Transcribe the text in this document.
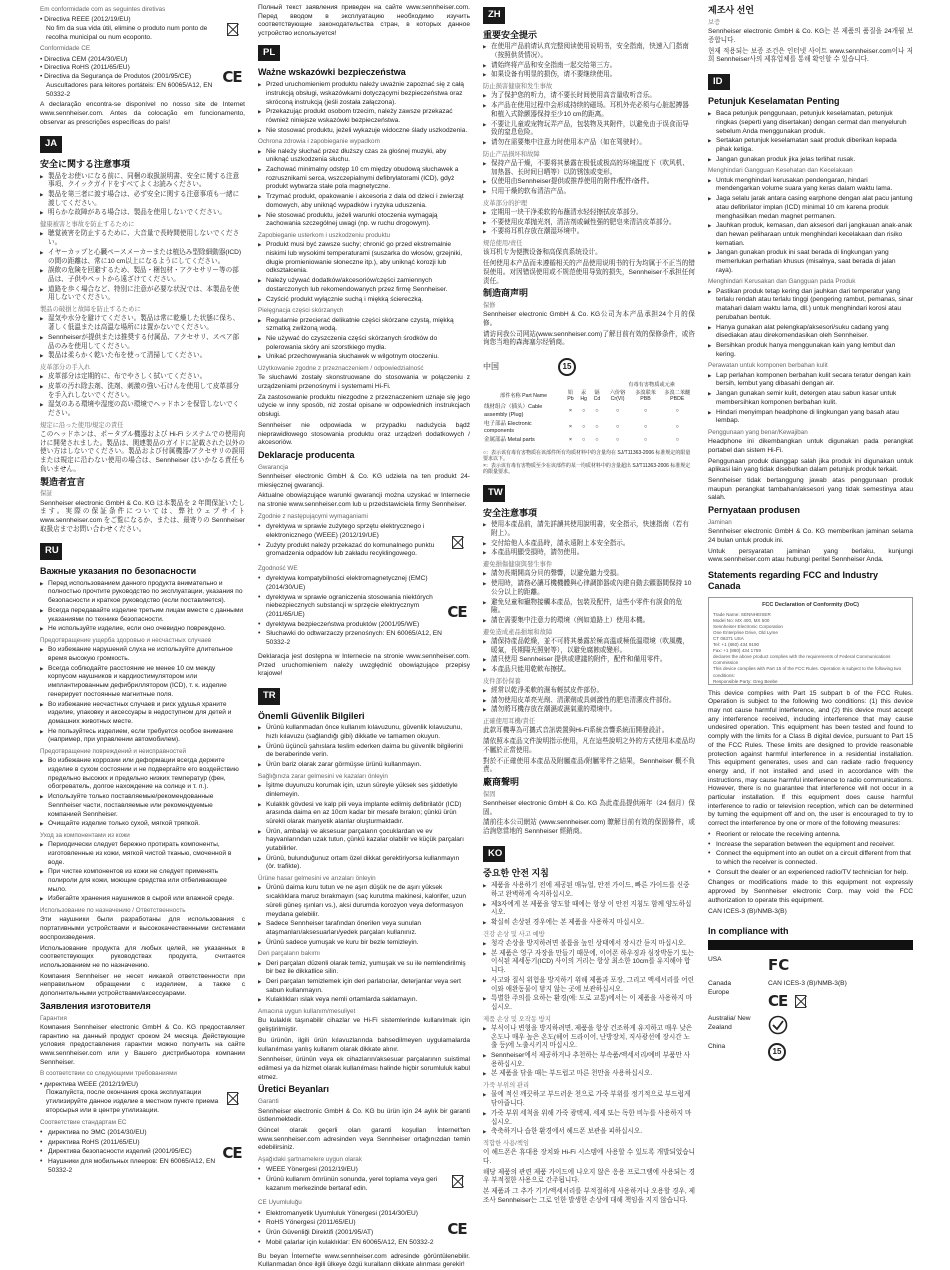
Em conformidade com as seguintes diretivas
• Directiva REEE (2012/19/EU)
No fim da sua vida útil, elimine o produto num ponto de recolha municipal ou num ecoponto.
Conformidade CE
• Directiva CEM (2014/30/EU)
• Directiva RoHS (2011/65/EU)
• Directiva da Segurança de Produtos (2001/95/CE)
Auscultadores para leitores portáteis: EN 60065/A12, EN 50332-2
CE
A declaração encontra-se disponível no nosso site de Internet www.sennheiser.com. Antes da colocação em funcionamento, observar as prescrições específicas do país!
JA
安全に関する注意事項
▶ 製品をお使いになる前に、同梱の取扱説明書、安全に関する注意事項、クイックガイドをすべてよくお読みください。
▶ 製品を第三者に渡す場合は、必ず安全に関する注意事項も一緒に渡してください。
▶ 明らかな故障がある場合は、製品を使用しないでください。
健康被害と事故を防止するために
▶ 聴覚被害を防止するために、大音量で長時間使用しないでください。
▶ イヤーカップと心臓ペースメーカーまたは植込み型除細動器(ICD)の間の距離は、常に10 cm以上になるようにしてください。
▶ 誤飲の危険を回避するため、製品・梱包材・アクセサリー等の部品は、子供やペットから遠ざけてください。
▶ 道路を歩く場合など、特別に注意が必要な状況では、本製品を使用しないでください。
製品の破損と故障を防止するために
▶ 湿気や水分を避けてください。製品は常に乾燥した状態に保ち、著しく低温または高温な場所には置かないでください。
▶ Sennheiserが提供または推奨する付属品、アクセサリ、スペア部品のみを使用してください。
▶ 製品は柔らかく乾いた布を使って清掃してください。
皮革部分の手入れ
▶ 皮革部分は定期的に、布でやさしく拭いてください。
▶ 皮革の汚れ除去剤、洗剤、刺激の強い石けんを使用して皮革部分を手入れしないでください。
▶ 湿気のある環境や湿度の高い環境でヘッドホンを保管しないでください。
規定に沿った使用/規定の責任
このヘッドホンは、ポータブル機器および Hi-Fi システムでの使用向けに開発されました。製品は、関連製品のガイドに記載された以外の使い方はしないでください。製品および付属機器/アクセサリの誤用または規定に沿わない使用の場合は、Sennheiser はいかなる責任も負いません。
製造者宣言
保証
Sennheiser electronic GmbH & Co. KG は本製品を 2 年間保証いたします。実際の保証条件については、弊社ウェブサイト www.sennheiser.com をご覧になるか、または、最寄りの Sennheiser 取扱店までお問い合わせください。
RU
Важные указания по безопасности
▶ Перед использованием данного продукта внимательно и полностью прочтите руководство по эксплуатации, указания по безопасности и краткое руководство (если поставляется).
▶ Всегда передавайте изделие третьим лицам вместе с данными указаниями по технике безопасности.
▶ Не используйте изделие, если оно очевидно повреждено.
Предотвращение ущерба здоровью и несчастных случаев
▶ Во избежание нарушений слуха не используйте длительное время высокую громкость.
▶ Всегда соблюдайте расстояние не менее 10 см между корпусом наушников и кардиостимулятором или имплантированным дефибриллятором (ICD), т. к. изделие генерирует постоянные магнитные поля.
▶ Во избежание несчастных случаев и риск удушья храните изделие, упаковку и аксессуары в недоступном для детей и домашних животных месте.
▶ Не пользуйтесь изделием, если требуется особое внимание (например, при управлении автомобилем).
Предотвращение повреждений и неисправностей
▶ Во избежание коррозии или деформации всегда держите изделие в сухом состоянии и не подвергайте его воздействию предельно высоких и предельно низких температур (фен, обогреватель, долгое нахождение на солнце и т. п.).
▶ Используйте только поставляемые/рекомендованные Sennheiser части, поставляемые или рекомендуемые компанией Sennheiser.
▶ Очищайте изделие только сухой, мягкой тряпкой.
Уход за компонентами из кожи
▶ Периодически следует бережно протирать компоненты, изготовленные из кожи, мягкой чистой тканью, смоченной в воде.
▶ При чистке компонентов из кожи не следует применять полироли для кожи, моющие средства или отбеливающее мыло.
▶ Избегайте хранения наушников в сырой или влажной среде.
Использование по назначению / Ответственность
Эти наушники были разработаны для использования с портативными устройствами и высококачественными системами воспроизведения.
Использование продукта для любых целей, не указанных в соответствующих руководствах продукта, считается использованием не по назначению.
Компания Sennheiser не несет никакой ответственности при неправильном обращении с изделием, а также с дополнительными устройствами/аксессуарами.
Заявления изготовителя
Гарантия
Компания Sennheiser electronic GmbH & Co. KG предоставляет гарантию на данный продукт сроком 24 месяца. Действующие условия предоставления гарантии можно получить на сайте www.sennheiser.com или у Вашего дистрибьютора компании Sennheiser.
В соответствии со следующими требованиями
• директива WEEE (2012/19/EU)
Пожалуйста, после окончания срока эксплуатации утилизируйте данное изделие в местном пункте приема вторсырья или в центре утилизации.
Соответствие стандартам ЕС
• директива по ЭМС (2014/30/EU)
• директива RoHS (2011/65/EU)
• Директива безопасности изделий (2001/95/ЕС)
• Наушники для мобильных плееров: EN 60065/A12, EN 50332-2
CE
Полный текст заявления приведен на сайте www.sennheiser.com. Перед вводом в эксплуатацию необходимо изучить соответствующие законодательства стран, в которых данное устройство используется!
PL
Ważne wskazówki bezpieczeństwa
▶ Przed uruchomieniem produktu należy uważnie zapoznać się z całą instrukcją obsługi, wskazówkami dotyczącymi bezpieczeństwa oraz skróconą instrukcją (jeśli została załączona).
▶ Przekazując produkt osobom trzecim, należy zawsze przekazać również niniejsze wskazówki bezpieczeństwa.
▶ Nie stosować produktu, jeżeli wykazuje widoczne ślady uszkodzenia.
Ochrona zdrowia i zapobieganie wypadkom
▶ Nie należy słuchać przez dłuższy czas za głośnej muzyki, aby uniknąć uszkodzenia słuchu.
▶ Zachować minimalny odstęp 10 cm między obudową słuchawek a rozrusznikami serca, wszczepialnymi defibrylatorami (ICD), gdyż produkt wytwarza stałe pola magnetyczne.
▶ Trzymać produkt, opakowanie i akcesoria z dala od dzieci i zwierząt domowych, aby uniknąć wypadków i ryzyka uduszenia.
▶ Nie stosować produktu, jeżeli warunki otoczenia wymagają zachowania szczególnej uwagi (np. w ruchu drogowym).
Zapobieganie usterkom i uszkodzeniu produktu
▶ Produkt musi być zawsze suchy; chronić go przed ekstremalnie niskimi lub wysokimi temperaturami (suszarka do włosów, grzejniki, długie promieniowanie słoneczne itp.), aby uniknąć korozji lub odkształcenia.
▶ Należy używać dodatków/akcesoriów/części zamiennych dostarczonych lub rekomendowanych przez firmę Sennheiser.
▶ Czyścić produkt wyłącznie suchą i miękką ściereczką.
Pielęgnacja części skórzanych
▶ Regularnie przecierać delikatnie części skórzane czystą, miękką szmatką zwilżoną wodą.
▶ Nie używać do czyszczenia części skórzanych środków do polerowania skóry ani szorstkiego mydła.
▶ Unikać przechowywania słuchawek w wilgotnym otoczeniu.
Użytkowanie zgodne z przeznaczeniem / odpowiedzialność
Te słuchawki zostały skonstruowane do stosowania w połączeniu z urządzeniami przenośnymi i systemami Hi-Fi.
Za zastosowanie produktu niezgodne z przeznaczeniem uznaje się jego użycie w inny sposób, niż został opisane w odpowiednich instrukcjach obsługi.
Sennheiser nie odpowiada w przypadku nadużycia bądź nieprawidłowego stosowania produktu oraz urządzeń dodatkowych / akcesoriów.
Deklaracje producenta
Gwarancja
Sennheiser electronic GmbH & Co. KG udziela na ten produkt 24-miesięcznej gwarancji.
Aktualne obowiązujące warunki gwarancji można uzyskać w Internecie na stronie www.sennheiser.com lub u przedstawiciela firmy Sennheiser.
Zgodnie z następującymi wymaganiami
• dyrektywa w sprawie zużytego sprzętu elektrycznego i elektronicznego (WEEE) (2012/19/UE)
• Zużyty produkt należy przekazać do komunalnego punktu gromadzenia odpadów lub zakładu recyklingowego.
Zgodność WE
• dyrektywa kompatybilności elektromagnetycznej (EMC) (2014/30/UE)
• dyrektywa w sprawie ograniczenia stosowania niektórych niebezpiecznych substancji w sprzęcie elektrycznym (2011/65/UE)
• dyrektywa bezpieczeństwa produktów (2001/95/WE)
• Słuchawki do odtwarzaczy przenośnych: EN 60065/A12, EN 50332-2
CE
Deklaracja jest dostępna w Internecie na stronie www.sennheiser.com. Przed uruchomieniem należy uwzględnić obowiązujące przepisy krajowe!
TR
Önemli Güvenlik Bilgileri
▶ Ürünü kullanmadan önce kullanım kılavuzunu, güvenlik kılavuzunu, hızlı kılavuzu (sağlandığı gibi) dikkatle ve tamamen okuyun.
▶ Ürünü üçüncü şahıslara teslim ederken daima bu güvenlik bilgilerini de beraberinde verin.
▶ Ürün bariz olarak zarar görmüşse ürünü kullanmayın.
Sağlığınıza zarar gelmesini ve kazaları önleyin
▶ İşitme duyunuzu korumak için, uzun süreyle yüksek ses şiddetiyle dinlemeyin.
▶ Kulaklık gövdesi ve kalp pili veya implante edilmiş defibrilatör (ICD) arasında daima en az 10cm kadar bir mesafe bırakın; çünkü ürün sürekli olarak manyetik alanlar oluşturmaktadır.
▶ Ürün, ambalajı ve aksesuar parçaların çocuklardan ve ev hayvanlarından uzak tutun, çünkü kazalar olabilir ve küçük parçaları yutabilirler.
▶ Ürünü, bulunduğunuz ortam özel dikkat gerektiriyorsa kullanmayın (ör. trafikte).
Ürüne hasar gelmesini ve arızaları önleyin
▶ Ürünü daima kuru tutun ve ne aşırı düşük ne de aşırı yüksek sıcaklıklara maruz bırakmayın (saç kurutma makinesi, kalorifer, uzun süreli güneş ışınları vs.), aksi durumda korozyon veya deformasyon meydana gelebilir.
▶ Sadece Sennheiser tarafından önerilen veya sunulan ataşmanları/aksesuarları/yedek parçaları kullanınız.
▶ Ürünü sadece yumuşak ve kuru bir bezle temizleyin.
Deri parçaların bakımı
▶ Deri parçaları düzenli olarak temiz, yumuşak ve su ile nemlendirilmiş bir bez ile dikkatlice silin.
▶ Deri parçaları temizlemek için deri parlatıcılar, deterjanlar veya sert sabun kullanmayın.
▶ Kulaklıkları ıslak veya nemli ortamlarda saklamayın.
Amacına uygun kullanım/mesuliyet
Bu kulaklık taşınabilir cihazlar ve Hi-Fi sistemlerinde kullanılmak için geliştirilmiştir.
Bu ürünün, ilgili ürün kılavuzlarında bahsedilmeyen uygulamalarda kullanılması yanlış kullanım olarak dikkate alınır.
Sennheiser, ürünün veya ek cihazların/aksesuar parçalarının suistimal edilmesi ya da hizmet olarak kullanılması halinde hiçbir sorumluluk kabul etmez.
Üretici Beyanları
Garanti
Sennheiser electronic GmbH & Co. KG bu ürün için 24 aylık bir garanti üstlenmektedir.
Güncel olarak geçerli olan garanti koşulları İnternet'ten www.sennheiser.com adresinden veya Sennheiser ortağınızdan temin edebilirsiniz.
Aşağıdaki şartnamelere uygun olarak
• WEEE Yönergesi (2012/19/EU)
• Ürünü kullanım ömrünün sonunda, yerel toplama veya geri kazanım merkezinde bertaraf edin.
CE Uyumluluğu
• Elektromanyetik Uyumluluk Yönergesi (2014/30/EU)
• RoHS Yönergesi (2011/65/EU)
• Ürün Güvenliği Direktifi (2001/95/AT)
• Mobil çalarlar için kulaklıklar: EN 60065/A12, EN 50332-2
CE
Bu beyan İnternet'te www.sennheiser.com adresinde görüntülenebilir. Kullanmadan önce ilgili ülkeye özgü kuralların dikkate alınması gerekir!
ZH
重要安全提示
▶ 在使用产品前请认真完整阅读使用说明书，安全指南，快速入门指南（按照供货情况）。
▶ 请始终将产品和安全指南一起交给第三方。
▶ 如果设备有明显的损伤，请不要继续使用。
防止损害健康和发生事故
▶ 为了保护您的听力，请不要长时间使用高音量收听音乐。
▶ 本产品在使用过程中会形成持续的磁场。耳机外壳必须与心脏起搏器和植入式除颤器保持至少10 cm的距离。
▶ 不要让儿童或宠物玩弄产品，包装物及其附件，以避免由于误食而导致的窒息危险。
▶ 请勿在需要集中注意力时使用本产品（如在驾驶时）。
防止产品损坏和故障
▶ 保持产品干燥，不要将其暴露在极低或极高的环境温度下（吹风机、加热器、长时间日晒等）以防锈蚀或变形。
▶ 仅使用由Sennheiser提供或推荐使用的附件/配件/备件。
▶ 只用干燥的软布清洁产品。
皮革部分的护理
▶ 定期用一块干净柔软的布蘸清水轻轻擦拭皮革部分。
▶ 不要使用皮革抛光剂，清洁剂或碱性强的肥皂来清洁皮革部分。
▶ 不要将耳机存放在潮湿环境中。
规范使用/责任
该耳机专为便携设备和高保真系统设计。
任何使用本产品而未遵循相关的产品使用说明书的行为均属于不正当的错误使用。对因错误使用或不规范使用导致的损失，Sennheiser不承担任何责任。
制造商声明
保修
Sennheiser electronic GmbH & Co. KG公司为本产品承担24个月的保修。
请访问我公司网站(www.sennheiser.com)了解目前有效的保修条件，或咨询您当地的森海塞尔经销商。
中国	15
有毒有害物质或元素						
部件名称 Part Name	铅 Pb	汞 Hg	镉 Cd	六价铬 Cr(VI)	多溴联苯 PBB	多溴二苯醚 PBDE
线材组合（插头）Cable assembly (Plug)	×	○	○	○	○	○
电子部品 Electronic components	×	○	○	○	○	○
金属部品 Metal parts	×	○	○	○	○	○
○：表示该有毒有害物质在该部件所有均质材料中的含量均在 SJ/T11363-2006 标准规定的限量要求以下。
×：表示该有毒有害物质至少在该部件的某一均质材料中的含量超出 SJ/T11363-2006 标准规定的限量要求。
TW
安全注意事項
▶ 使用本產品前，請先詳讀其使用說明書，安全指示，快速指南（若有附上）。
▶ 交付給他人本產品時，請永遠附上本安全指示。
▶ 本產品明顯受損時，請勿使用。
避免損傷健康與發生事件
▶ 請勿長期開高分貝的聲響，以避免聽力受損。
▶ 使用時，請務必讓耳機機體與心律調節器或內建自動去顫器間保持 10 公分以上的距離。
▶ 避免兒童和寵物接觸本產品，包裝及配件，這些小零件有誤食的危險。
▶ 請在需要集中注意力的環境（例如道路上）使用本機。
避免造成產品損壞和故障
▶ 請保持產品乾燥，並不可將其暴露於極高溫或極低溫環境（吹風機，暖氣，長期陽光照射等），以避免腐蝕或變形。
▶ 請只使用 Sennheiser 提供或建議的附件，配件和備用零件。
▶ 本產品只能用乾軟布擦拭。
皮件部份保養
▶ 經常以乾淨柔軟的濕布輕拭皮件部份。
▶ 請勿使用皮革亮光劑、清潔劑或具刺激性的肥皂清潔皮件部份。
▶ 請勿將耳機存放在潮濕或濕氣重的環境中。
正確使用耳機/責任
此款耳機專為可攜式音訊裝置與Hi-Fi系統音響系統而開發設計。
請依照本產品文件說明指示使用，凡在這些說明之外的方式使用本產品均不屬於正當使用。
對於不正確使用本產品及附屬產品/附屬零件之結果，Sennheiser 概不負責。
廠商聲明
保固
Sennheiser electronic GmbH & Co. KG 為此產品提供兩年（24 個月）保固。
請前往本公司網站 (www.sennheiser.com) 瞭解目前有效的保固條件，或洽詢您當地的 Sennheiser 經銷商。
KO
중요한 안전 지침
▶ 제품을 사용하기 전에 제공된 매뉴얼, 안전 가이드, 빠른 가이드를 신중하고 완벽하게 숙지하십시오.
▶ 제3자에게 본 제품을 양도할 때에는 항상 이 안전 지침도 함께 양도하십시오.
▶ 확실히 손상된 경우에는 본 제품을 사용하지 마십시오.
건강 손상 및 사고 예방
▶ 청각 손상을 방지하려면 볼륨을 높인 상태에서 장시간 듣지 마십시오.
▶ 본 제품은 영구 자장을 만들기 때문에, 이어폰 하우징과 심장박동기 또는 이식된 제세동기(ICD) 사이의 거리는 항상 최소한 10cm를 유지해야 합니다.
▶ 사고와 질식 위험을 방지하기 위해 제품과 포장, 그리고 액세서리를 어린이와 애완동물이 닿지 않는 곳에 보관하십시오.
▶ 특별한 주의를 요하는 환경(예: 도로 교통)에서는 이 제품을 사용하지 마십시오.
제품 손상 및 오작동 방지
▶ 부식이나 변형을 방지하려면, 제품을 항상 건조하게 유지하고 매우 낮은 온도나 매우 높은 온도(헤어 드라이어, 난방장치, 직사광선에 장시간 노출 등)에 노출시키지 마십시오.
▶ Sennheiser에서 제공하거나 추천하는 부속품/액세서리/예비 부품만 사용하십시오.
▶ 본 제품을 닦을 때는 부드럽고 마른 천만을 사용하십시오.
가죽 부위의 관리
▶ 물에 적신 깨끗하고 부드러운 천으로 가죽 부위를 정기적으로 부드럽게 닦아줍니다.
▶ 가죽 부위 세척을 위해 가죽 광택제, 세제 또는 독한 비누를 사용하지 마십시오.
▶ 축축하거나 습한 환경에서 헤드폰 보관을 피하십시오.
적합한 사용/책임
이 헤드폰은 휴대용 장치와 Hi-Fi 시스템에 사용할 수 있도록 개발되었습니다.
해당 제품의 관련 제품 가이드에 나오지 않은 응용 프로그램에 사용되는 경우 부적절한 사용으로 간주됩니다.
본 제품과 그 추가 기기/액세서리를 부적절하게 사용하거나 오용할 경우, 제조사 Sennheiser는 그로 인한 발생한 손상에 대해 책임을 지지 않습니다.
제조사 선언
보증
Sennheiser electronic GmbH & Co. KG는 본 제품의 품질을 24개월 보증합니다.
현재 적용되는 보증 조건은 인터넷 사이트 www.sennheiser.com이나 저희 Sennheiser사의 제휴업체를 통해 확인할 수 있습니다.
ID
Petunjuk Keselamatan Penting
▶ Baca petunjuk penggunaan, petunjuk keselamatan, petunjuk ringkas (seperti yang disertakan) dengan cermat dan menyeluruh sebelum Anda menggunakan produk.
▶ Sertakan petunjuk keselamatan saat produk diberikan kepada pihak ketiga.
▶ Jangan gunakan produk jika jelas terlihat rusak.
Menghindari Gangguan Kesehatan dan Kecelakaan
▶ Untuk menghindari kerusakan pendengaran, hindari mendengarkan volume suara yang keras dalam waktu lama.
▶ Jaga selalu jarak antara casing earphone dengan alat pacu jantung atau defibrilator implan (ICD) minimal 10 cm karena produk menghasilkan medan magnet permanen.
▶ Jauhkan produk, kemasan, dan aksesori dari jangkauan anak-anak dan hewan peliharaan untuk menghindari kecelakaan dan risiko kematian.
▶ Jangan gunakan produk ini saat berada di lingkungan yang memerlukan perhatian khusus (misalnya, saat berada di jalan raya).
Menghindari Kerusakan dan Gangguan pada Produk
▶ Pastikan produk tetap kering dan jauhkan dari temperatur yang terlalu rendah atau terlalu tinggi (pengering rambut, pemanas, sinar matahari dalam waktu lama, dll.) untuk menghindari korosi atau perubahan bentuk.
▶ Hanya gunakan alat pelengkap/aksesori/suku cadang yang disediakan atau direkomendasikan oleh Sennheiser.
▶ Bersihkan produk hanya menggunakan kain yang lembut dan kering.
Perawatan untuk komponen berbahan kulit
▶ Lap perlahan komponen berbahan kulit secara teratur dengan kain bersih, lembut yang dibasahi dengan air.
▶ Jangan gunakan semir kulit, detergen atau sabun kasar untuk membersihkan komponen berbahan kulit.
▶ Hindari menyimpan headphone di lingkungan yang basah atau lembap.
Penggunaan yang benar/Kewajiban
Headphone ini dikembangkan untuk digunakan pada perangkat portabel dan sistem Hi-Fi.
Penggunaan produk dianggap salah jika produk ini digunakan untuk aplikasi lain yang tidak disebutkan dalam petunjuk produk terkait.
Sennheiser tidak bertanggung jawab atas penggunaan produk maupun perangkat tambahan/aksesori yang tidak semestinya atau salah.
Pernyataan produsen
Jaminan
Sennheiser electronic GmbH & Co. KG memberikan jaminan selama 24 bulan untuk produk ini.
Untuk persyaratan jaminan yang berlaku, kunjungi www.sennheiser.com atau hubungi peritel Sennheiser Anda.
Statements regarding FCC and Industry Canada
FCC Declaration of Conformity (DoC)
Trade Name: SENNHEISER
Model No: MX 400, MX 500
Sennheiser Electronic Corporation
One Enterprise Drive, Old Lyme
CT 06371 USA
Tel: +1 (860) 434 9190
Fax: +1 (860) 434 1759
declares the above product complies with the requirements of Federal Communications Commission
This device complies with Part 15 of the FCC Rules. Operation is subject to the following two conditions:
Responsible Party: Greg Beebe
This device complies with Part 15 subpart b of the FCC Rules. Operation is subject to the following two conditions: (1) this device may not cause harmful interference, and (2) this device must accept any interference received, including interference that may cause undesired operation. This equipment has been tested and found to comply with the limits for a Class B digital device, pursuant to Part 15 of the FCC Rules. These limits are designed to provide reasonable protection against harmful interference in a residential installation. This equipment generates, uses and can radiate radio frequency energy and, if not installed and used in accordance with the instructions, may cause harmful interference to radio communications. However, there is no guarantee that interference will not occur in a particular installation. If this equipment does cause harmful interference to radio or television reception, which can be determined by turning the equipment off and on, the user is encouraged to try to correct the interference by one or more of the following measures:
• Reorient or relocate the receiving antenna.
• Increase the separation between the equipment and receiver.
• Connect the equipment into an outlet on a circuit different from that to which the receiver is connected.
• Consult the dealer or an experienced radio/TV technician for help.
Changes or modifications made to this equipment not expressly approved by Sennheiser electronic Corp. may void the FCC authorization to operate this equipment.
CAN ICES-3 (B)/NMB-3(B)
In compliance with
USA	FC
Canada
Europe
CAN ICES-3 (B)/NMB-3(B)

CE
Australia/ New Zealand
China
15
